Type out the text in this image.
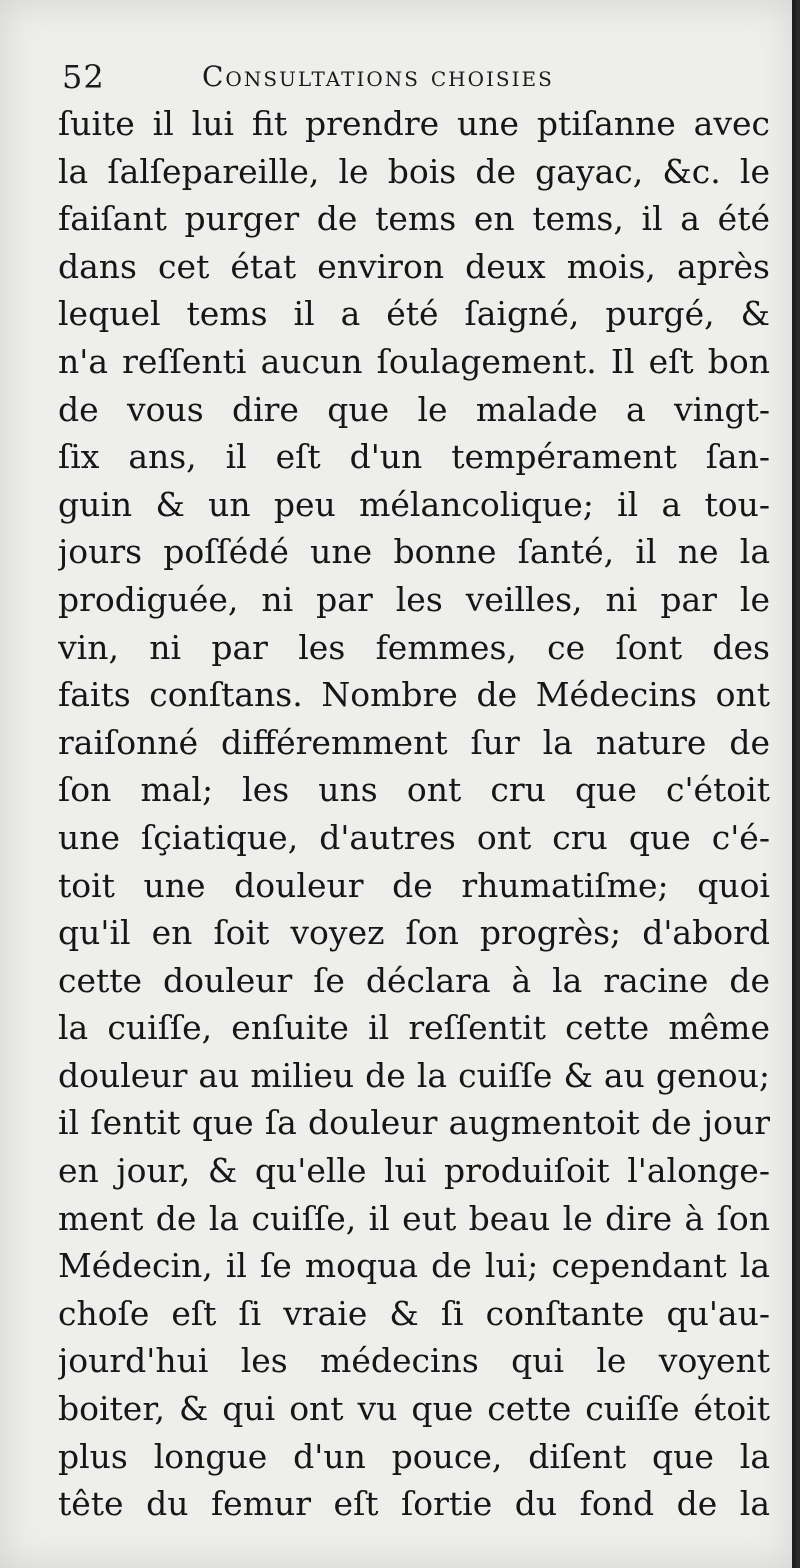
52	Consultations choisies
ſuite il lui fit prendre une ptiſanne avec
la ſalſepareille, le bois de gayac, &c. le
faiſant purger de tems en tems, il a été
dans cet état environ deux mois, après
lequel tems il a été ſaigné, purgé, &
n'a reſſenti aucun ſoulagement. Il eſt bon
de vous dire que le malade a vingt-
ſix ans, il eſt d'un tempérament ſan-
guin & un peu mélancolique; il a tou-
jours poſſédé une bonne ſanté, il ne la
prodiguée, ni par les veilles, ni par le
vin, ni par les femmes, ce ſont des
faits conſtans. Nombre de Médecins ont
raiſonné différemment ſur la nature de
ſon mal; les uns ont cru que c'étoit
une ſçiatique, d'autres ont cru que c'é-
toit une douleur de rhumatiſme; quoi
qu'il en ſoit voyez ſon progrès; d'abord
cette douleur ſe déclara à la racine de
la cuiſſe, enſuite il reſſentit cette même
douleur au milieu de la cuiſſe & au genou;
il ſentit que ſa douleur augmentoit de jour
en jour, & qu'elle lui produiſoit l'alonge-
ment de la cuiſſe, il eut beau le dire à ſon
Médecin, il ſe moqua de lui; cependant la
choſe eſt ſi vraie & ſi conſtante qu'au-
jourd'hui les médecins qui le voyent
boiter, & qui ont vu que cette cuiſſe étoit
plus longue d'un pouce, diſent que la
tête du femur eſt ſortie du fond de la
